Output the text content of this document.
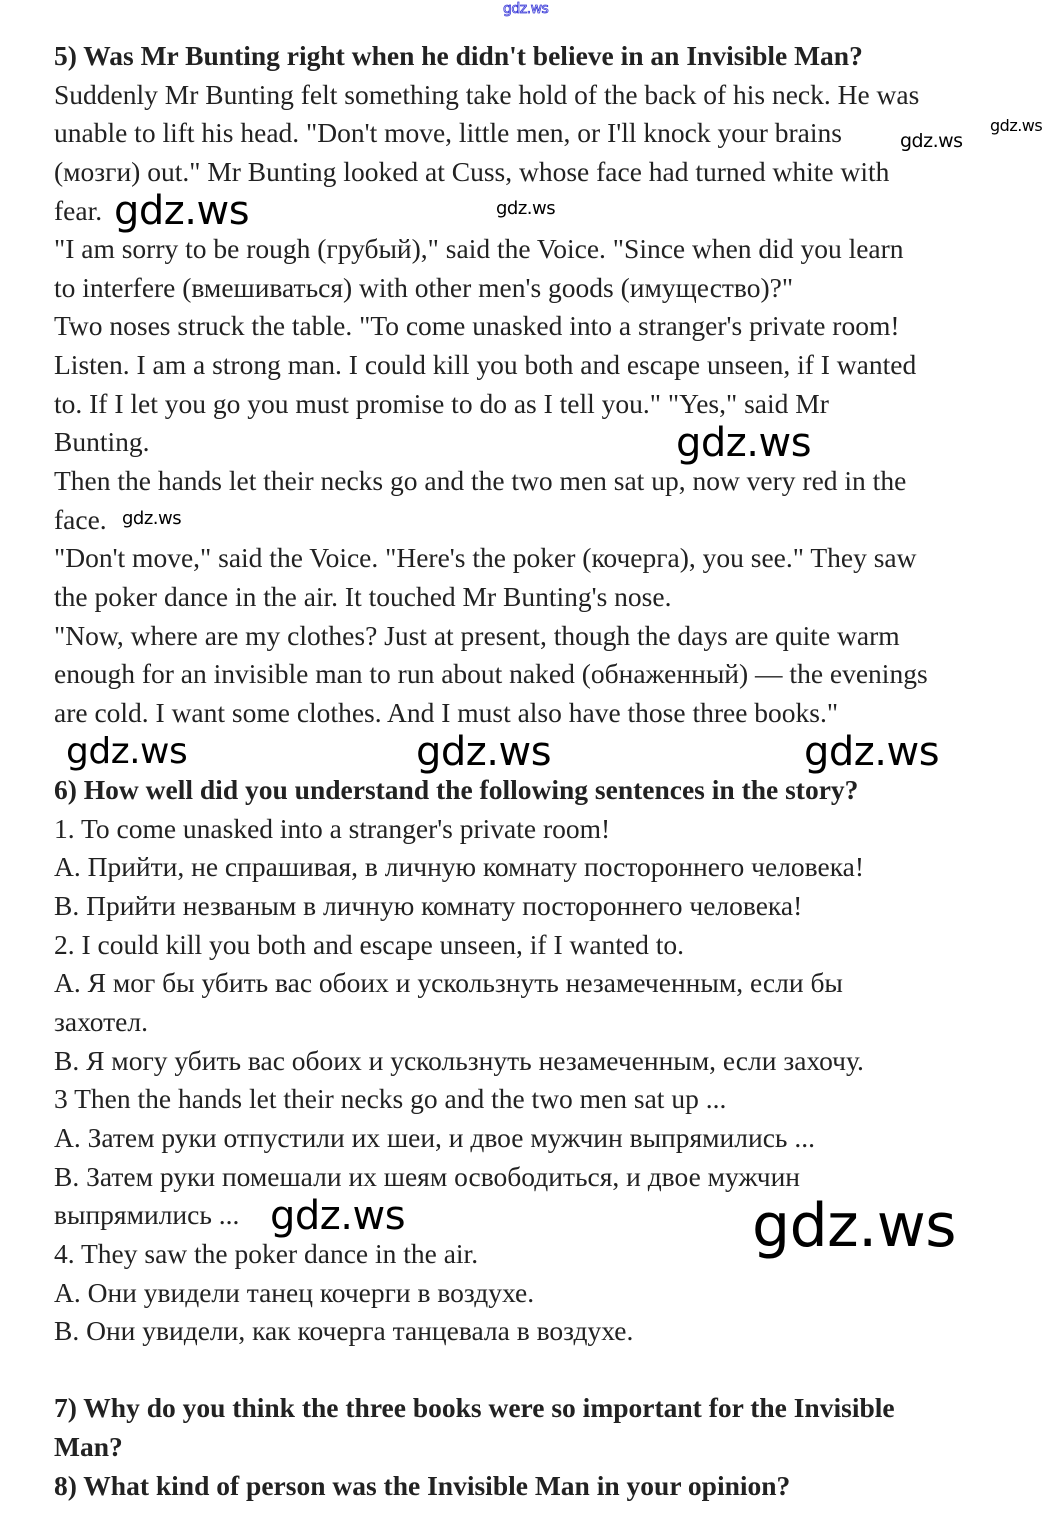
gdz.ws
5) Was Mr Bunting right when he didn't believe in an Invisible Man?
Suddenly Mr Bunting felt something take hold of the back of his neck. He was
unable to lift his head. "Don't move, little men, or I'll knock your brains
(мозги) out." Mr Bunting looked at Cuss, whose face had turned white with
fear.
"I am sorry to be rough (грубый)," said the Voice. "Since when did you learn
to interfere (вмешиваться) with other men's goods (имущество)?"
Two noses struck the table. "To come unasked into a stranger's private room!
Listen. I am a strong man. I could kill you both and escape unseen, if I wanted
to. If I let you go you must promise to do as I tell you." "Yes," said Mr
Bunting.
Then the hands let their necks go and the two men sat up, now very red in the
face.
"Don't move," said the Voice. "Here's the poker (кочерга), you see." They saw
the poker dance in the air. It touched Mr Bunting's nose.
"Now, where are my clothes? Just at present, though the days are quite warm
enough for an invisible man to run about naked (обнаженный) — the evenings
are cold. I want some clothes. And I must also have those three books."
6) How well did you understand the following sentences in the story?
1. To come unasked into a stranger's private room!
A. Прийти, не спрашивая, в личную комнату постороннего человека!
B. Прийти незваным в личную комнату постороннего человека!
2. I could kill you both and escape unseen, if I wanted to.
A. Я мог бы убить вас обоих и ускользнуть незамеченным, если бы
захотел.
B. Я могу убить вас обоих и ускользнуть незамеченным, если захочу.
3 Then the hands let their necks go and the two men sat up ...
A. Затем руки отпустили их шеи, и двое мужчин выпрямились ...
B. Затем руки помешали их шеям освободиться, и двое мужчин
выпрямились ...
4. They saw the poker dance in the air.
A. Они увидели танец кочерги в воздухе.
B. Они увидели, как кочерга танцевала в воздухе.
7) Why do you think the three books were so important for the Invisible
Man?
8) What kind of person was the Invisible Man in your opinion?
gdz.ws
gdz.ws
gdz.ws
gdz.ws
gdz.ws
gdz.ws
gdz.ws	gdz.ws	gdz.ws
gdz.ws	gdz.ws
